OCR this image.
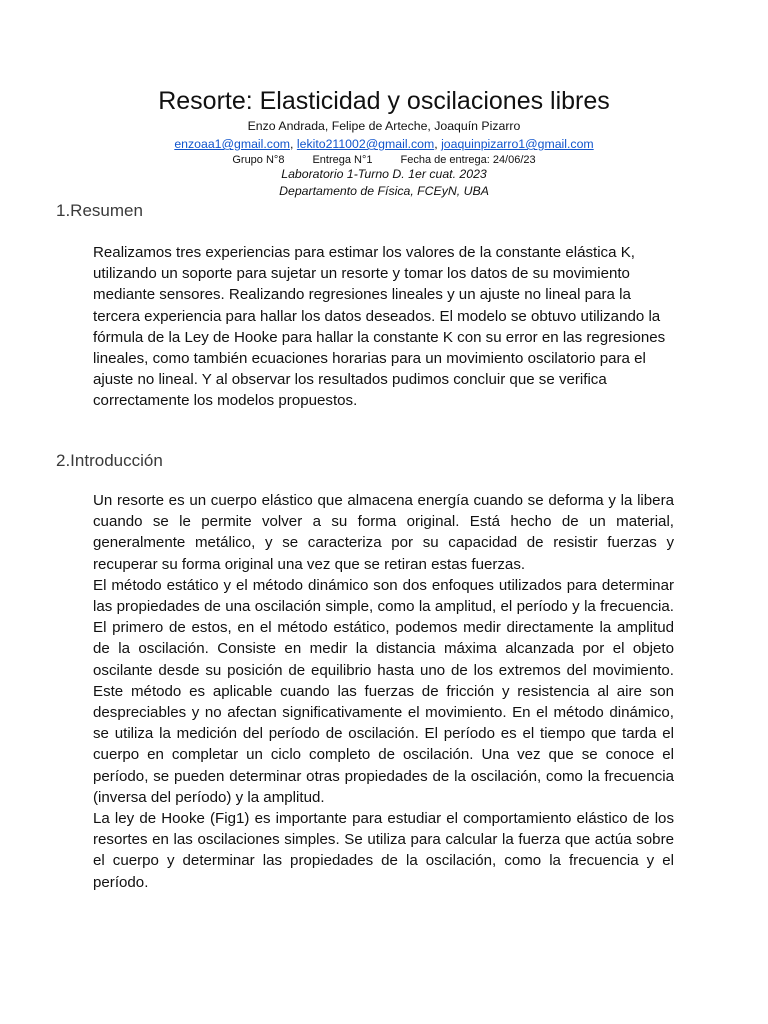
Resorte: Elasticidad y oscilaciones libres
Enzo Andrada, Felipe de Arteche, Joaquín Pizarro
enzoaa1@gmail.com, lekito211002@gmail.com, joaquinpizarro1@gmail.com
Grupo N°8	Entrega N°1	Fecha de entrega: 24/06/23
Laboratorio 1-Turno D. 1er cuat. 2023
Departamento de Física, FCEyN, UBA
1.Resumen

Realizamos tres experiencias para estimar los valores de la constante elástica K, utilizando un soporte para sujetar un resorte y tomar los datos de su movimiento mediante sensores. Realizando regresiones lineales y un ajuste no lineal para la tercera experiencia para hallar los datos deseados. El modelo se obtuvo utilizando la fórmula de la Ley de Hooke para hallar la constante K con su error en las regresiones lineales, como también ecuaciones horarias para un movimiento oscilatorio para el ajuste no lineal. Y al observar los resultados pudimos concluir que se verifica correctamente los modelos propuestos.

2.Introducción

Un resorte es un cuerpo elástico que almacena energía cuando se deforma y la libera cuando se le permite volver a su forma original. Está hecho de un material, generalmente metálico, y se caracteriza por su capacidad de resistir fuerzas y recuperar su forma original una vez que se retiran estas fuerzas.

El método estático y el método dinámico son dos enfoques utilizados para determinar las propiedades de una oscilación simple, como la amplitud, el período y la frecuencia. El primero de estos, en el método estático, podemos medir directamente la amplitud de la oscilación. Consiste en medir la distancia máxima alcanzada por el objeto oscilante desde su posición de equilibrio hasta uno de los extremos del movimiento. Este método es aplicable cuando las fuerzas de fricción y resistencia al aire son despreciables y no afectan significativamente el movimiento. En el método dinámico, se utiliza la medición del período de oscilación. El período es el tiempo que tarda el cuerpo en completar un ciclo completo de oscilación. Una vez que se conoce el período, se pueden determinar otras propiedades de la oscilación, como la frecuencia (inversa del período) y la amplitud.

La ley de Hooke (Fig1) es importante para estudiar el comportamiento elástico de los resortes en las oscilaciones simples. Se utiliza para calcular la fuerza que actúa sobre el cuerpo y determinar las propiedades de la oscilación, como la frecuencia y el período.
